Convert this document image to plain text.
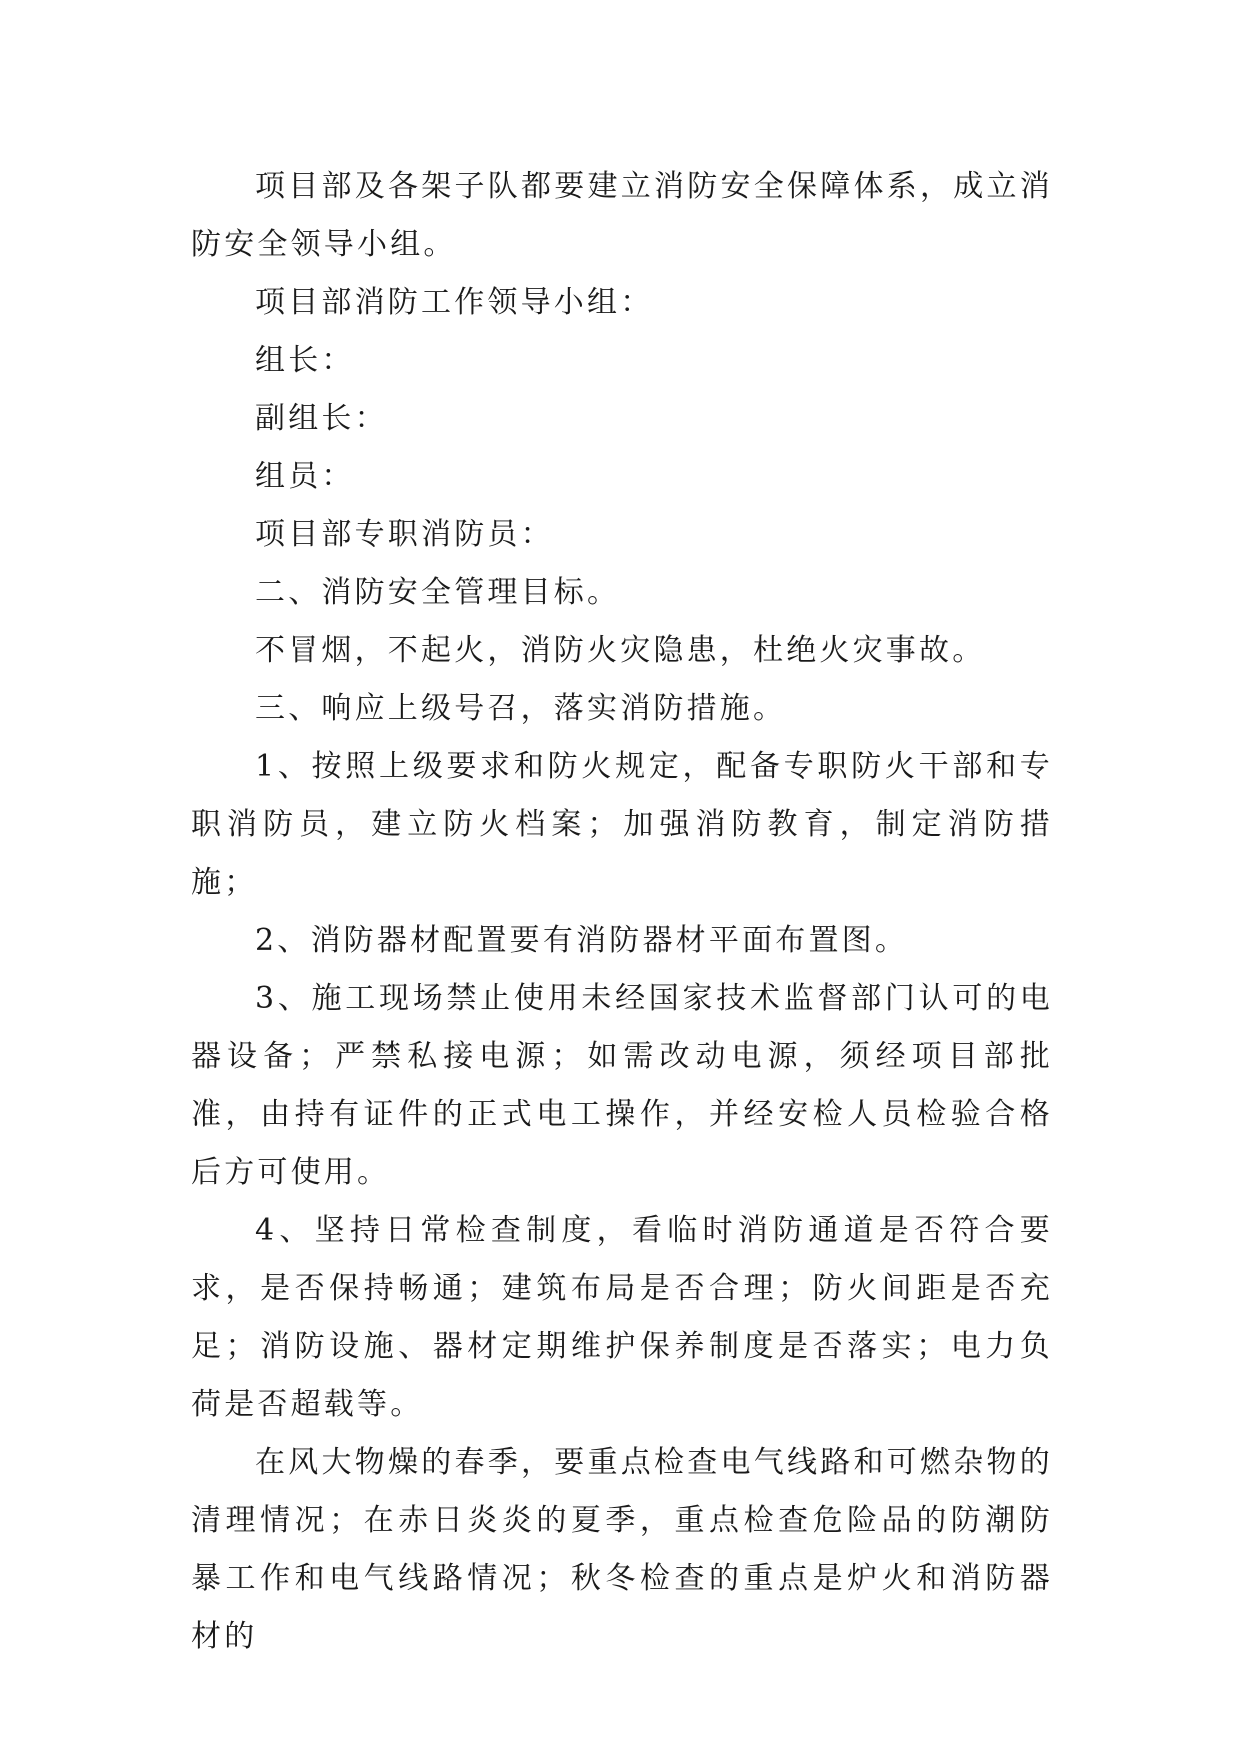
项目部及各架子队都要建立消防安全保障体系，成立消防安全领导小组。

项目部消防工作领导小组：

组长：

副组长：

组员：

项目部专职消防员：

二、消防安全管理目标。

不冒烟，不起火，消防火灾隐患，杜绝火灾事故。

三、响应上级号召，落实消防措施。

1、按照上级要求和防火规定，配备专职防火干部和专职消防员，建立防火档案；加强消防教育，制定消防措施；

2、消防器材配置要有消防器材平面布置图。

3、施工现场禁止使用未经国家技术监督部门认可的电器设备；严禁私接电源；如需改动电源，须经项目部批准，由持有证件的正式电工操作，并经安检人员检验合格后方可使用。

4、坚持日常检查制度，看临时消防通道是否符合要求，是否保持畅通；建筑布局是否合理；防火间距是否充足；消防设施、器材定期维护保养制度是否落实；电力负荷是否超载等。

在风大物燥的春季，要重点检查电气线路和可燃杂物的清理情况；在赤日炎炎的夏季，重点检查危险品的防潮防暴工作和电气线路情况；秋冬检查的重点是炉火和消防器材的
